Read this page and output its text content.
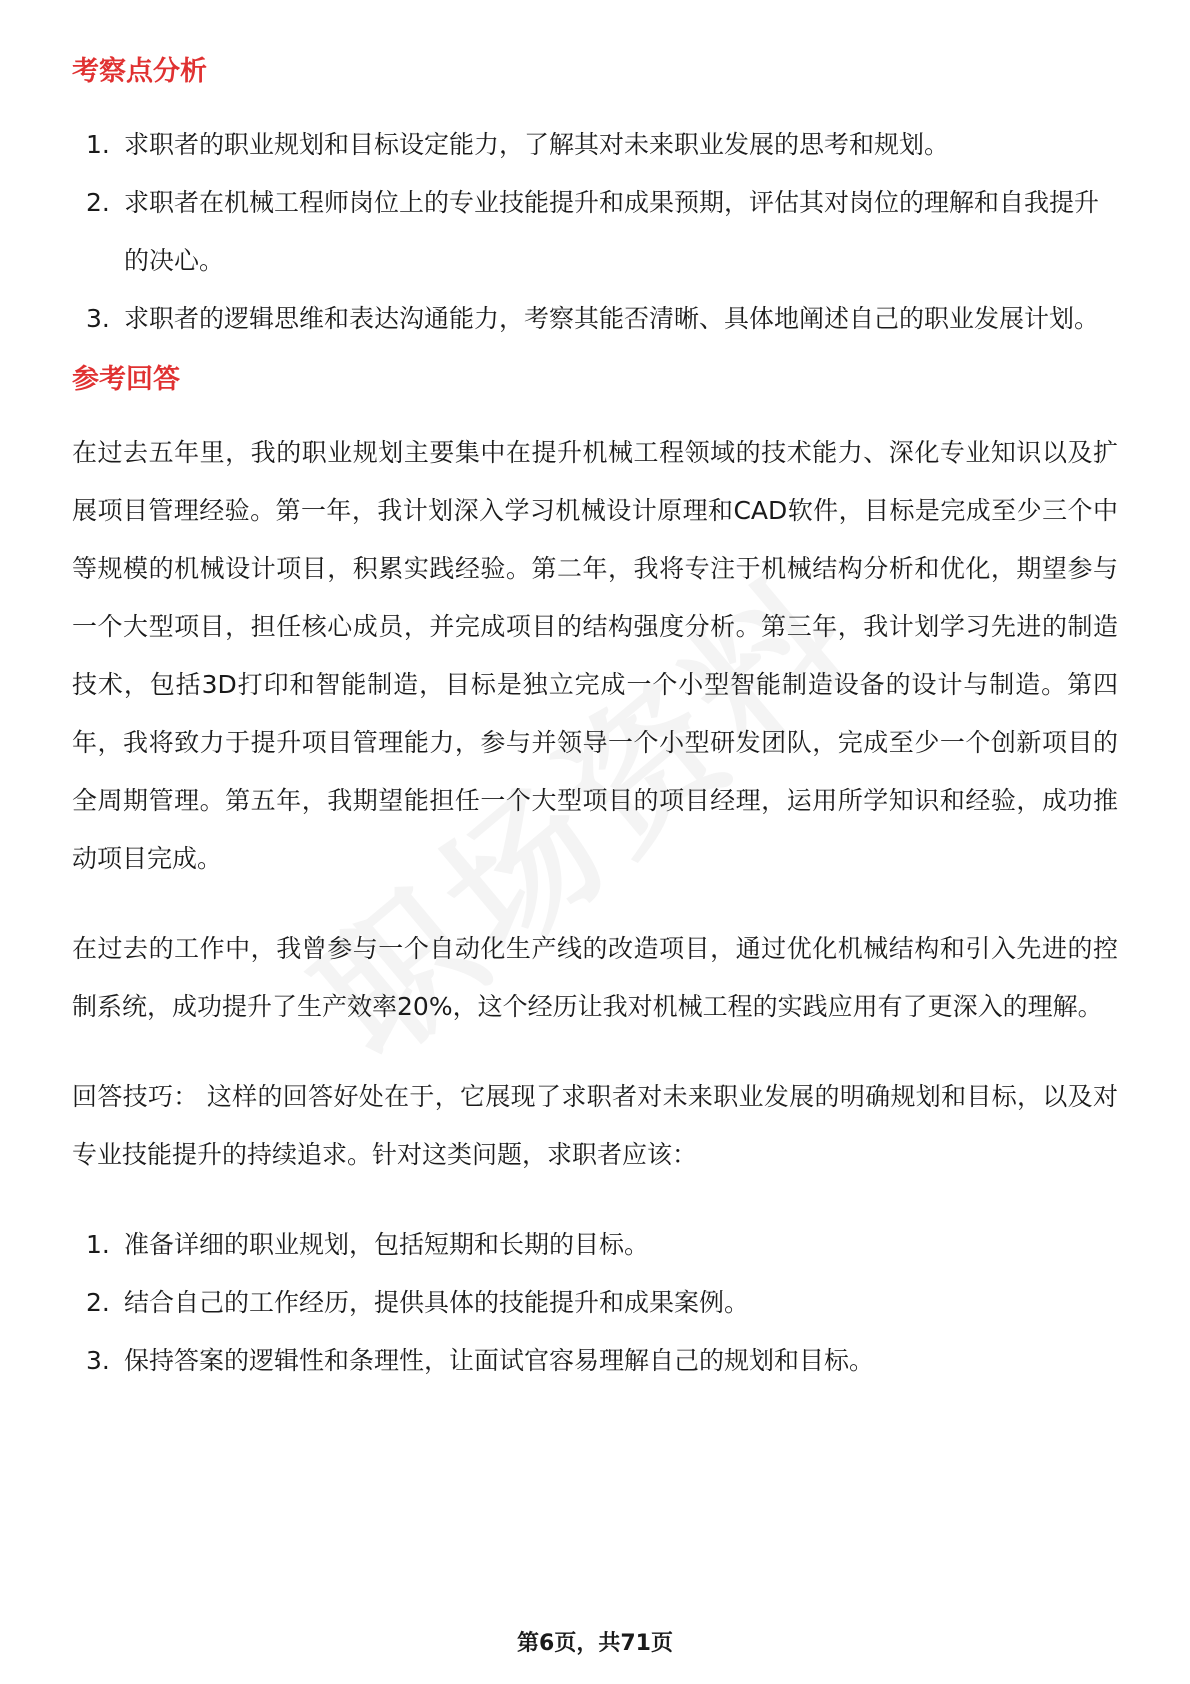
考察点分析
1. 求职者的职业规划和目标设定能力，了解其对未来职业发展的思考和规划。
2. 求职者在机械工程师岗位上的专业技能提升和成果预期，评估其对岗位的理解和自我提升的决心。
3. 求职者的逻辑思维和表达沟通能力，考察其能否清晰、具体地阐述自己的职业发展计划。
参考回答

在过去五年里，我的职业规划主要集中在提升机械工程领域的技术能力、深化专业知识以及扩展项目管理经验。第一年，我计划深入学习机械设计原理和CAD软件，目标是完成至少三个中等规模的机械设计项目，积累实践经验。第二年，我将专注于机械结构分析和优化，期望参与一个大型项目，担任核心成员，并完成项目的结构强度分析。第三年，我计划学习先进的制造技术，包括3D打印和智能制造，目标是独立完成一个小型智能制造设备的设计与制造。第四年，我将致力于提升项目管理能力，参与并领导一个小型研发团队，完成至少一个创新项目的全周期管理。第五年，我期望能担任一个大型项目的项目经理，运用所学知识和经验，成功推动项目完成。

在过去的工作中，我曾参与一个自动化生产线的改造项目，通过优化机械结构和引入先进的控制系统，成功提升了生产效率20%，这个经历让我对机械工程的实践应用有了更深入的理解。

回答技巧： 这样的回答好处在于，它展现了求职者对未来职业发展的明确规划和目标，以及对专业技能提升的持续追求。针对这类问题，求职者应该：

1. 准备详细的职业规划，包括短期和长期的目标。
2. 结合自己的工作经历，提供具体的技能提升和成果案例。
3. 保持答案的逻辑性和条理性，让面试官容易理解自己的规划和目标。
第6页，共71页
